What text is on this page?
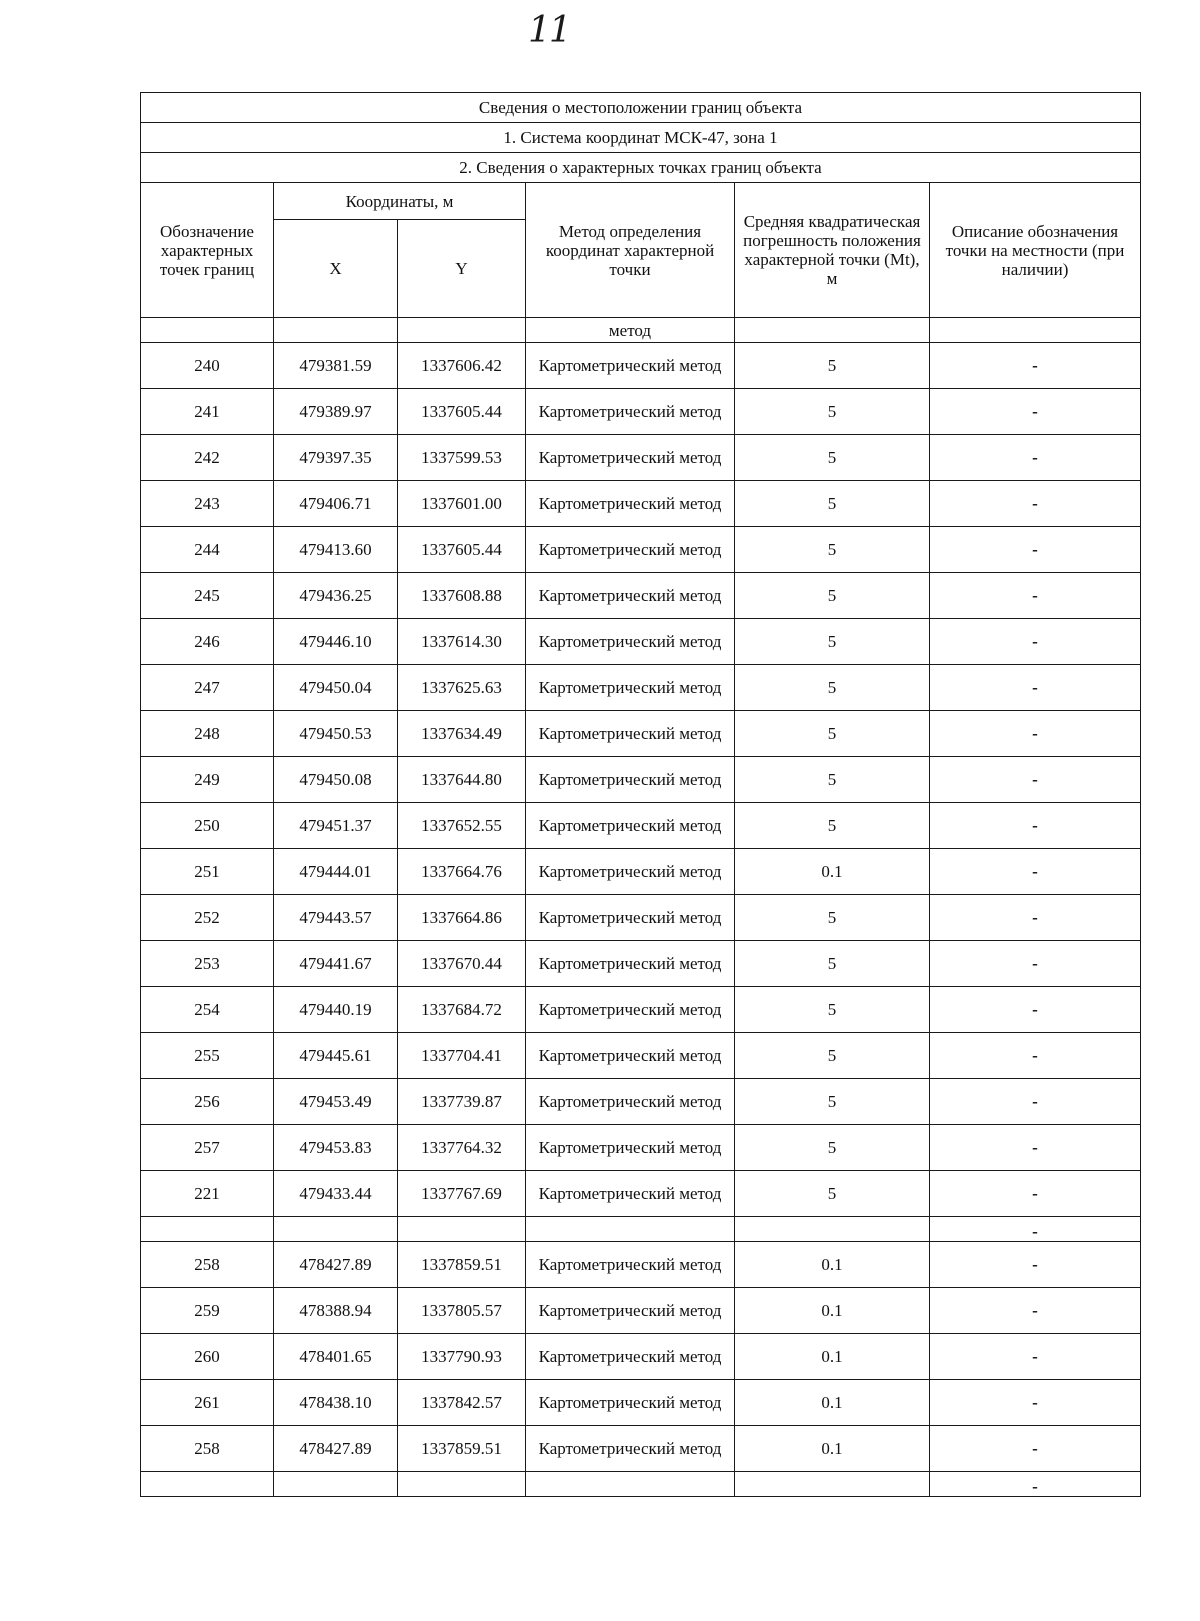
11
Сведения о местоположении границ объекта					
1. Система координат МСК-47, зона 1					
2. Сведения о характерных точках границ объекта					
Обозначение характерных точек границ	Координаты, м		Метод определения координат характерной точки	Средняя квадратическая погрешность положения характерной точки (Mt), м	Описание обозначения точки на местности (при наличии)
	X	Y			
			метод		
240	479381.59	1337606.42	Картометрический метод	5	-
241	479389.97	1337605.44	Картометрический метод	5	-
242	479397.35	1337599.53	Картометрический метод	5	-
243	479406.71	1337601.00	Картометрический метод	5	-
244	479413.60	1337605.44	Картометрический метод	5	-
245	479436.25	1337608.88	Картометрический метод	5	-
246	479446.10	1337614.30	Картометрический метод	5	-
247	479450.04	1337625.63	Картометрический метод	5	-
248	479450.53	1337634.49	Картометрический метод	5	-
249	479450.08	1337644.80	Картометрический метод	5	-
250	479451.37	1337652.55	Картометрический метод	5	-
251	479444.01	1337664.76	Картометрический метод	0.1	-
252	479443.57	1337664.86	Картометрический метод	5	-
253	479441.67	1337670.44	Картометрический метод	5	-
254	479440.19	1337684.72	Картометрический метод	5	-
255	479445.61	1337704.41	Картометрический метод	5	-
256	479453.49	1337739.87	Картометрический метод	5	-
257	479453.83	1337764.32	Картометрический метод	5	-
221	479433.44	1337767.69	Картометрический метод	5	-
					-
258	478427.89	1337859.51	Картометрический метод	0.1	-
259	478388.94	1337805.57	Картометрический метод	0.1	-
260	478401.65	1337790.93	Картометрический метод	0.1	-
261	478438.10	1337842.57	Картометрический метод	0.1	-
258	478427.89	1337859.51	Картометрический метод	0.1	-
					-
